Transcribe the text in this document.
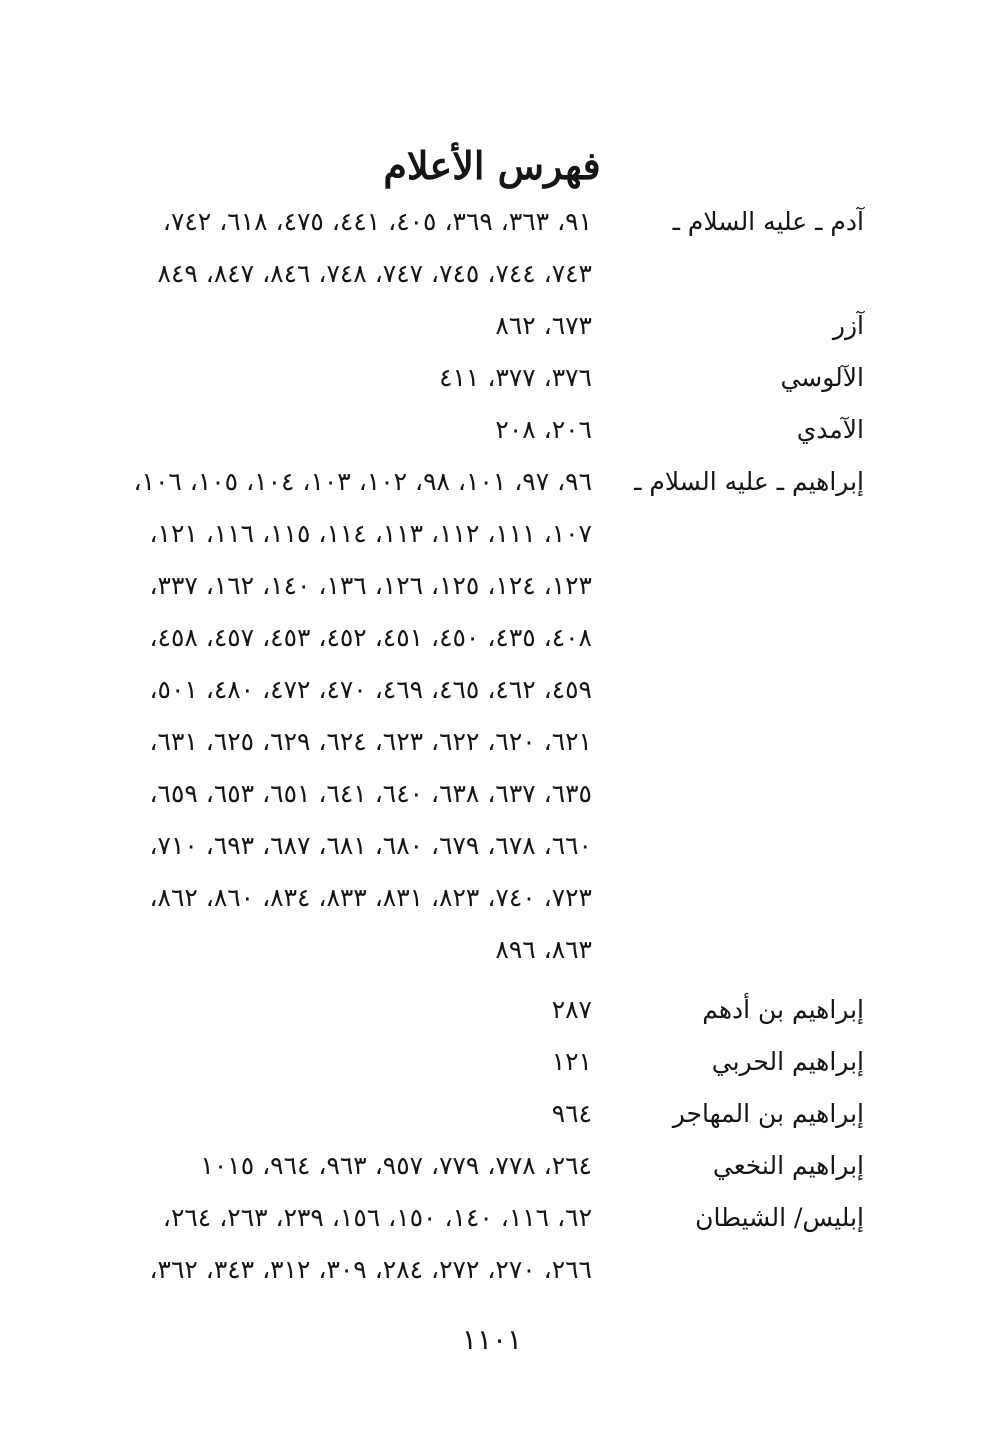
فهرس الأعلام
آدم ـ عليه السلام ـ
٩١، ٣٦٣، ٣٦٩، ٤٠٥، ٤٤١، ٤٧٥، ٦١٨، ٧٤٢،
٧٤٣، ٧٤٤، ٧٤٥، ٧٤٧، ٧٤٨، ٨٤٦، ٨٤٧، ٨٤٩
آزر
٦٧٣، ٨٦٢
الآلوسي
٣٧٦، ٣٧٧، ٤١١
الآمدي
٢٠٦، ٢٠٨
إبراهيم ـ عليه السلام ـ
٩٦، ٩٧، ١٠١، ٩٨، ١٠٢، ١٠٣، ١٠٤، ١٠٥، ١٠٦،
١٠٧، ١١١، ١١٢، ١١٣، ١١٤، ١١٥، ١١٦، ١٢١،
١٢٣، ١٢٤، ١٢٥، ١٢٦، ١٣٦، ١٤٠، ١٦٢، ٣٣٧،
٤٠٨، ٤٣٥، ٤٥٠، ٤٥١، ٤٥٢، ٤٥٣، ٤٥٧، ٤٥٨،
٤٥٩، ٤٦٢، ٤٦٥، ٤٦٩، ٤٧٠، ٤٧٢، ٤٨٠، ٥٠١،
٦٢١، ٦٢٠، ٦٢٢، ٦٢٣، ٦٢٤، ٦٢٩، ٦٢٥، ٦٣١،
٦٣٥، ٦٣٧، ٦٣٨، ٦٤٠، ٦٤١، ٦٥١، ٦٥٣، ٦٥٩،
٦٦٠، ٦٧٨، ٦٧٩، ٦٨٠، ٦٨١، ٦٨٧، ٦٩٣، ٧١٠،
٧٢٣، ٧٤٠، ٨٢٣، ٨٣١، ٨٣٣، ٨٣٤، ٨٦٠، ٨٦٢،
٨٦٣، ٨٩٦
إبراهيم بن أدهم
٢٨٧
إبراهيم الحربي
١٢١
إبراهيم بن المهاجر
٩٦٤
إبراهيم النخعي
٢٦٤، ٧٧٨، ٧٧٩، ٩٥٧، ٩٦٣، ٩٦٤، ١٠١٥
إبليس/ الشيطان
٦٢، ١١٦، ١٤٠، ١٥٠، ١٥٦، ٢٣٩، ٢٦٣، ٢٦٤،
٢٦٦، ٢٧٠، ٢٧٢، ٢٨٤، ٣٠٩، ٣١٢، ٣٤٣، ٣٦٢،
١١٠١
